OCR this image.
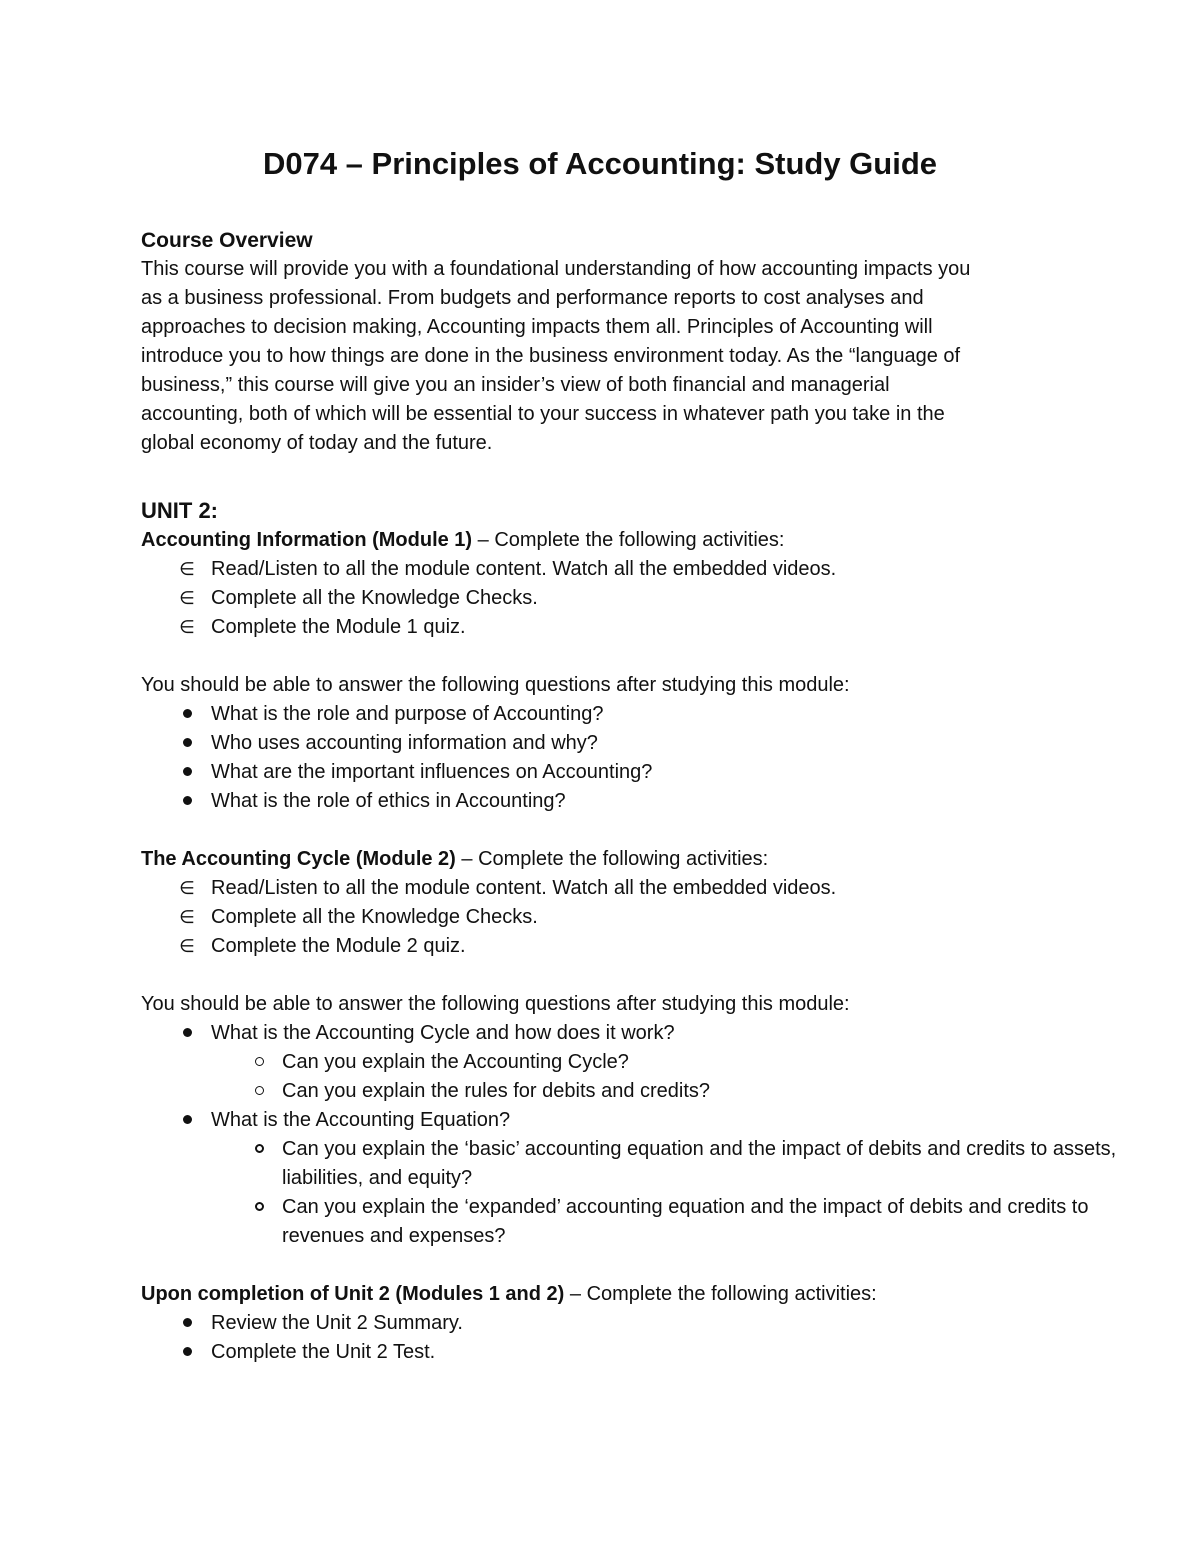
D074 – Principles of Accounting: Study Guide
Course Overview
This course will provide you with a foundational understanding of how accounting impacts you
as a business professional. From budgets and performance reports to cost analyses and
approaches to decision making, Accounting impacts them all. Principles of Accounting will
introduce you to how things are done in the business environment today. As the “language of
business,” this course will give you an insider’s view of both financial and managerial
accounting, both of which will be essential to your success in whatever path you take in the
global economy of today and the future.
UNIT 2:
Accounting Information (Module 1) – Complete the following activities:
∈ Read/Listen to all the module content. Watch all the embedded videos.
∈ Complete all the Knowledge Checks.
∈ Complete the Module 1 quiz.
You should be able to answer the following questions after studying this module:
What is the role and purpose of Accounting?
Who uses accounting information and why?
What are the important influences on Accounting?
What is the role of ethics in Accounting?
The Accounting Cycle (Module 2) – Complete the following activities:
∈ Read/Listen to all the module content. Watch all the embedded videos.
∈ Complete all the Knowledge Checks.
∈ Complete the Module 2 quiz.
You should be able to answer the following questions after studying this module:
What is the Accounting Cycle and how does it work?
Can you explain the Accounting Cycle?
Can you explain the rules for debits and credits?
What is the Accounting Equation?
Can you explain the ‘basic’ accounting equation and the impact of debits and credits to assets, liabilities, and equity?
Can you explain the ‘expanded’ accounting equation and the impact of debits and credits to revenues and expenses?
Upon completion of Unit 2 (Modules 1 and 2) – Complete the following activities:
Review the Unit 2 Summary.
Complete the Unit 2 Test.
